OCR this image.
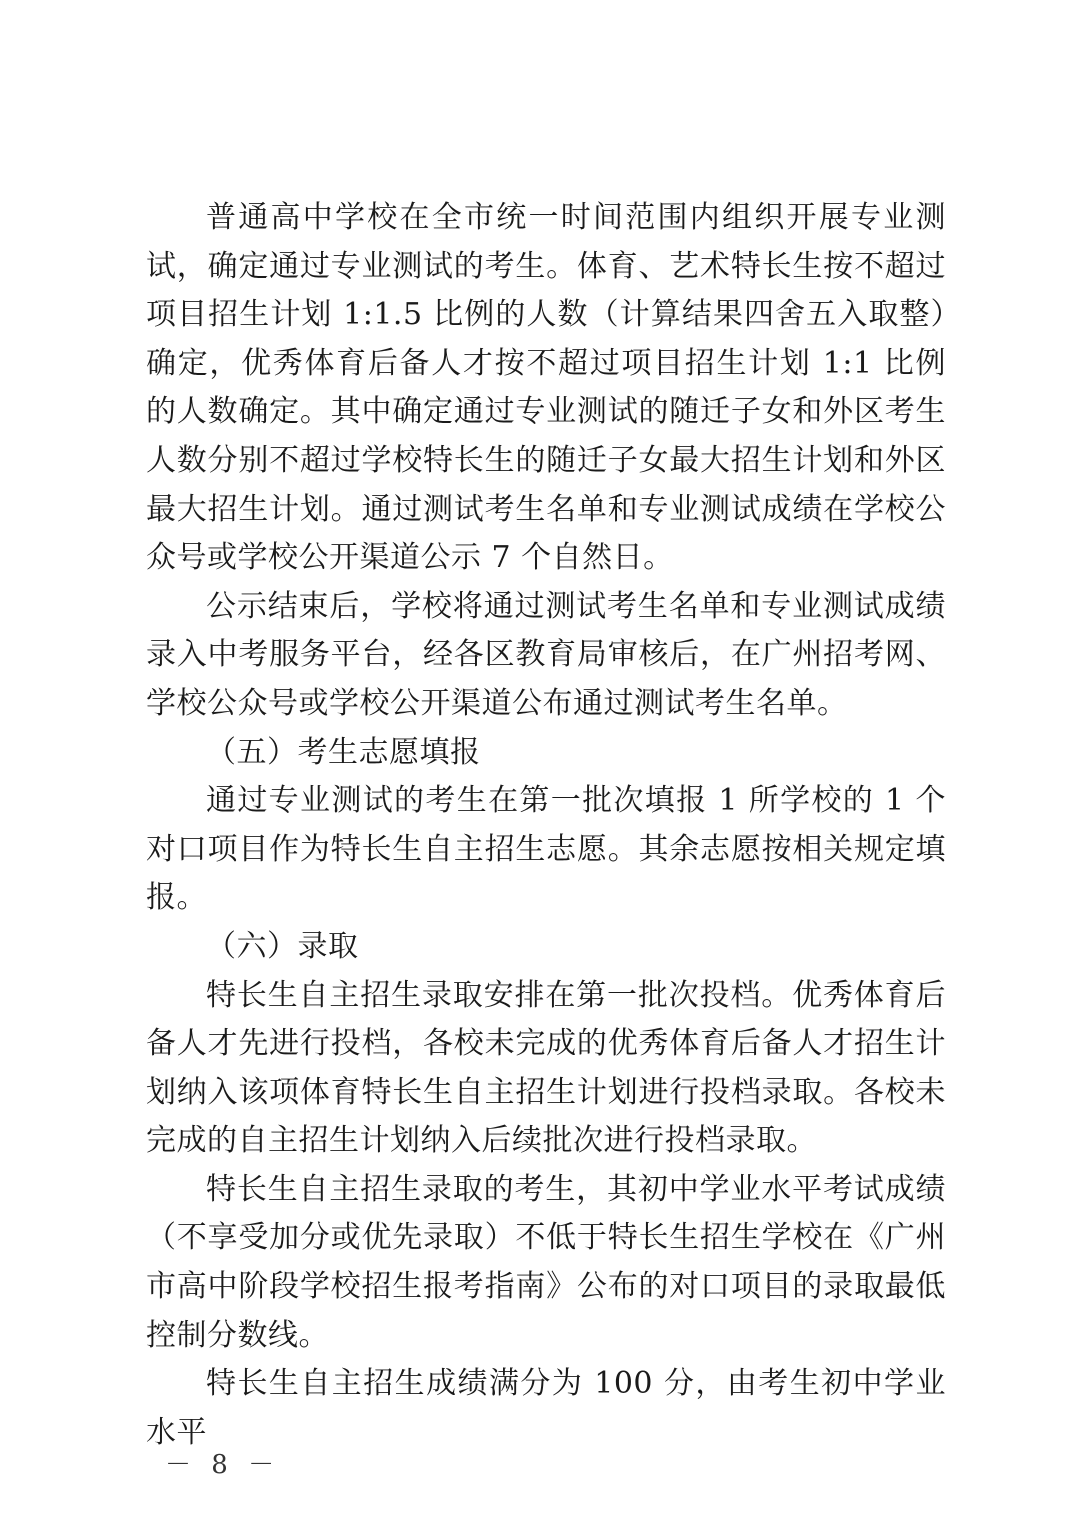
普通高中学校在全市统一时间范围内组织开展专业测试，确定通过专业测试的考生。体育、艺术特长生按不超过项目招生计划 1:1.5 比例的人数（计算结果四舍五入取整）确定，优秀体育后备人才按不超过项目招生计划 1:1 比例的人数确定。其中确定通过专业测试的随迁子女和外区考生人数分别不超过学校特长生的随迁子女最大招生计划和外区最大招生计划。通过测试考生名单和专业测试成绩在学校公众号或学校公开渠道公示 7 个自然日。

公示结束后，学校将通过测试考生名单和专业测试成绩录入中考服务平台，经各区教育局审核后，在广州招考网、学校公众号或学校公开渠道公布通过测试考生名单。

（五）考生志愿填报

通过专业测试的考生在第一批次填报 1 所学校的 1 个对口项目作为特长生自主招生志愿。其余志愿按相关规定填报。

（六）录取

特长生自主招生录取安排在第一批次投档。优秀体育后备人才先进行投档，各校未完成的优秀体育后备人才招生计划纳入该项体育特长生自主招生计划进行投档录取。各校未完成的自主招生计划纳入后续批次进行投档录取。

特长生自主招生录取的考生，其初中学业水平考试成绩（不享受加分或优先录取）不低于特长生招生学校在《广州市高中阶段学校招生报考指南》公布的对口项目的录取最低控制分数线。

特长生自主招生成绩满分为 100 分，由考生初中学业水平

－ 8 －
